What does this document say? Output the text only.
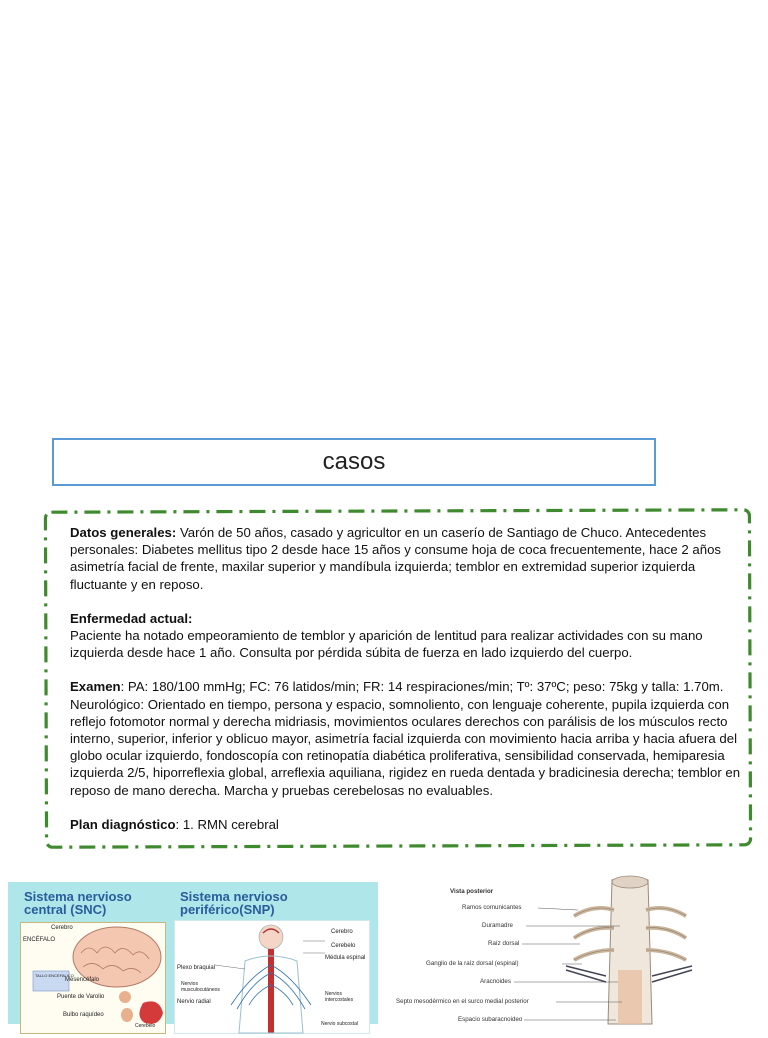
casos

Datos generales: Varón de 50 años, casado y agricultor en un caserío de Santiago de Chuco. Antecedentes personales: Diabetes mellitus tipo 2 desde hace 15 años y consume hoja de coca frecuentemente, hace 2 años asimetría facial de frente, maxilar superior y mandíbula izquierda; temblor en extremidad superior izquierda fluctuante y en reposo.

Enfermedad actual:
Paciente ha notado empeoramiento de temblor y aparición de lentitud para realizar actividades con su mano izquierda desde hace 1 año. Consulta por pérdida súbita de fuerza en lado izquierdo del cuerpo.

Examen: PA: 180/100 mmHg; FC: 76 latidos/min; FR: 14 respiraciones/min; Tº: 37ºC; peso: 75kg y talla: 1.70m. Neurológico: Orientado en tiempo, persona y espacio, somnoliento, con lenguaje coherente, pupila izquierda con reflejo fotomotor normal y derecha midriasis, movimientos oculares derechos con parálisis de los músculos recto interno, superior, inferior y oblicuo mayor, asimetría facial izquierda con movimiento hacia arriba y hacia afuera del globo ocular izquierdo, fondoscopía con retinopatía diabética proliferativa, sensibilidad conservada, hemiparesia izquierda 2/5, hiporreflexia global, arreflexia aquiliana, rigidez en rueda dentada y bradicinesia derecha; temblor en reposo de mano derecha. Marcha y pruebas cerebelosas no evaluables.

Plan diagnóstico: 1. RMN cerebral

Sistema nervioso
central (SNC)
Sistema nervioso
periférico(SNP)
Cerebro
ENCÉFALO
TALLO ENCEFALICO
Mesencéfalo
Puente de Varolio
Bulbo raquídeo
Cerebelo
Cerebro
Cerebelo
Médula espinal
Plexo braquial
Nervios musculocutáneos
Nervio radial
Nervios intercostales
Nervio subcostal
Vista posterior
Ramos comunicantes
Duramadre
Raíz dorsal
Ganglio de la raíz dorsal (espinal)
Aracnoides
Septo mesodérmico en el surco medial posterior
Espacio subaracnoideo
